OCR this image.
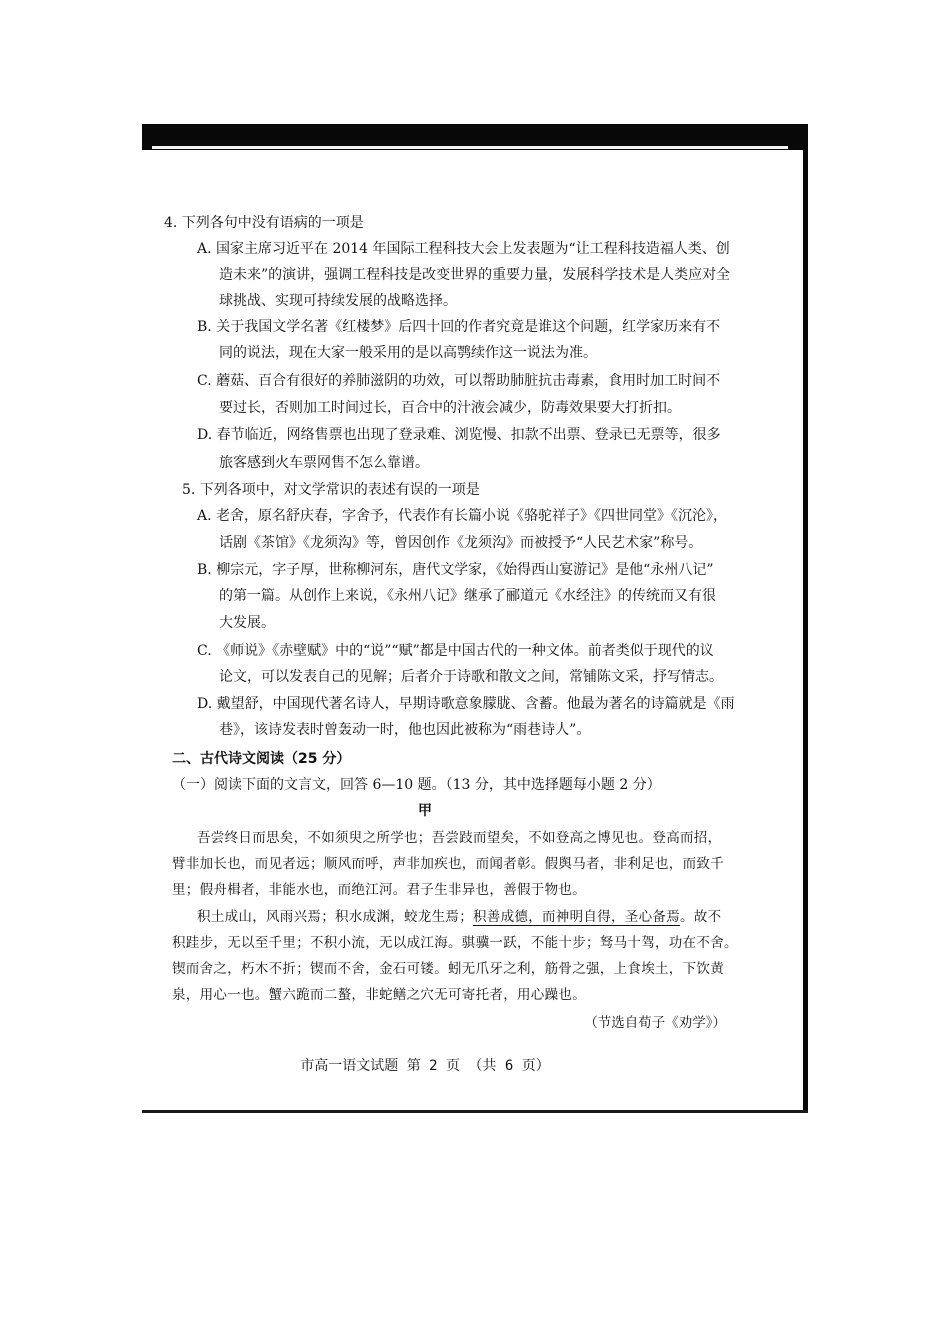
4. 下列各句中没有语病的一项是
A. 国家主席习近平在 2014 年国际工程科技大会上发表题为“让工程科技造福人类、创
造未来”的演讲，强调工程科技是改变世界的重要力量，发展科学技术是人类应对全
球挑战、实现可持续发展的战略选择。
B. 关于我国文学名著《红楼梦》后四十回的作者究竟是谁这个问题，红学家历来有不
同的说法，现在大家一般采用的是以高鹗续作这一说法为准。
C. 蘑菇、百合有很好的养肺滋阴的功效，可以帮助肺脏抗击毒素，食用时加工时间不
要过长，否则加工时间过长，百合中的汁液会减少，防毒效果要大打折扣。
D. 春节临近，网络售票也出现了登录难、浏览慢、扣款不出票、登录已无票等，很多
旅客感到火车票网售不怎么靠谱。
5. 下列各项中，对文学常识的表述有误的一项是
A. 老舍，原名舒庆春，字舍予，代表作有长篇小说《骆驼祥子》《四世同堂》《沉沦》，
话剧《茶馆》《龙须沟》等，曾因创作《龙须沟》而被授予“人民艺术家”称号。
B. 柳宗元，字子厚，世称柳河东，唐代文学家，《始得西山宴游记》是他“永州八记”
的第一篇。从创作上来说，《永州八记》继承了郦道元《水经注》的传统而又有很
大发展。
C. 《师说》《赤壁赋》中的“说”“赋”都是中国古代的一种文体。前者类似于现代的议
论文，可以发表自己的见解；后者介于诗歌和散文之间，常铺陈文采，抒写情志。
D. 戴望舒，中国现代著名诗人，早期诗歌意象朦胧、含蓄。他最为著名的诗篇就是《雨
巷》，该诗发表时曾轰动一时，他也因此被称为“雨巷诗人”。
二、古代诗文阅读（25 分）
（一）阅读下面的文言文，回答 6—10 题。（13 分，其中选择题每小题 2 分）
甲
吾尝终日而思矣，不如须臾之所学也；吾尝跂而望矣，不如登高之博见也。登高而招，
臂非加长也，而见者远；顺风而呼，声非加疾也，而闻者彰。假舆马者，非利足也，而致千
里；假舟楫者，非能水也，而绝江河。君子生非异也，善假于物也。
积土成山，风雨兴焉；积水成渊，蛟龙生焉；积善成德，而神明自得，圣心备焉。故不
积跬步，无以至千里；不积小流，无以成江海。骐骥一跃，不能十步；驽马十驾，功在不舍。
锲而舍之，朽木不折；锲而不舍，金石可镂。蚓无爪牙之利，筋骨之强，上食埃土，下饮黄
泉，用心一也。蟹六跪而二螯，非蛇鳝之穴无可寄托者，用心躁也。
（节选自荀子《劝学》）
市高一语文试题 第 2 页 （共 6 页）
